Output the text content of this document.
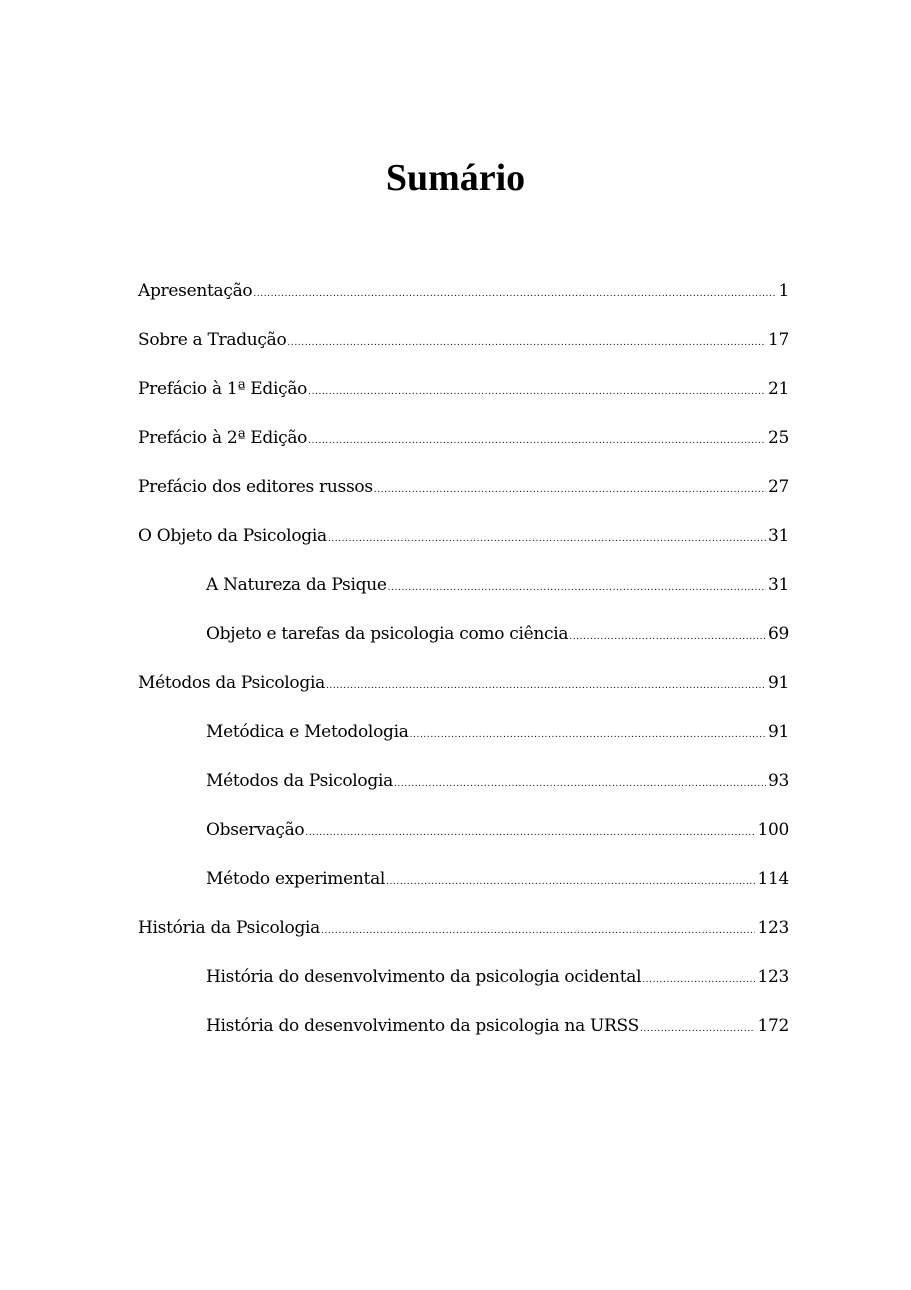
Sumário
Apresentação .....	1
Sobre a Tradução .....	17
Prefácio à 1ª Edição .....	21
Prefácio à 2ª Edição .....	25
Prefácio dos editores russos .....	27
O Objeto da Psicologia .....	31
A Natureza da Psique .....	31
Objeto e tarefas da psicologia como ciência .....	69
Métodos da Psicologia .....	91
Metódica e Metodologia .....	91
Métodos da Psicologia .....	93
Observação .....	100
Método experimental .....	114
História da Psicologia .....	123
História do desenvolvimento da psicologia ocidental .....	123
História do desenvolvimento da psicologia na URSS .....	172
